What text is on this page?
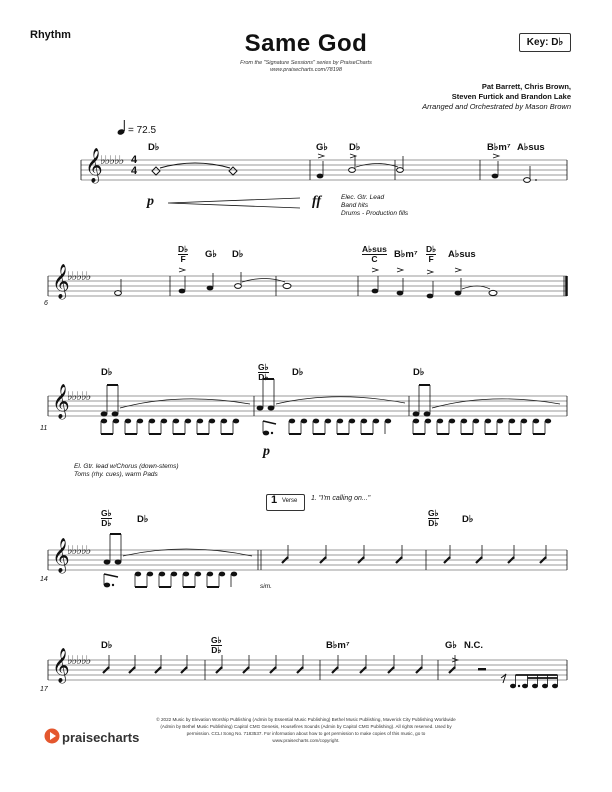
Rhythm	Same God
From the "Signature Sessions" series by PraiseCharts
www.praisecharts.com/78198
Key: D♭
Pat Barrett, Chris Brown,
Steven Furtick and Brandon Lake
Arranged and Orchestrated by Mason Brown
= 72.5
D♭	G♭ D♭	B♭m⁷ A♭sus
𝄞
♭♭♭♭♭ 4
4
p	ff	Elec. Gtr. Lead
Band hits
Drums - Production fills
D♭
F G♭ D♭	A♭sus
C	B♭m⁷ D♭
F A♭sus
𝄞
♭♭♭♭♭
6
D♭	G♭
D♭ D♭	D♭
𝄞
♭♭♭♭♭
11
p
El. Gtr. lead w/Chorus (down-stems)
Toms (rhy. cues), warm Pads
1 Verse 1. "I'm calling on..."
G♭
D♭	D♭
G♭
D♭ D♭
𝄞
♭♭♭♭♭
14
sim.
D♭	G♭
D♭	B♭m⁷	G♭ N.C.
𝄞
♭♭♭♭♭
17
praisecharts
© 2022 Music by Elevation Worship Publishing (Admin by Essential Music Publishing) Bethel Music Publishing, Maverick City Publishing Worldwide (Admin by Bethel Music Publishing) Capitol CMG Genesis, Housefires Sounds (Admin by Capitol CMG Publishing). All rights reserved. Used by permission. CCLI Song No. 7183537. For information about how to get permission to make copies of this music, go to www.praisecharts.com/copyright.
